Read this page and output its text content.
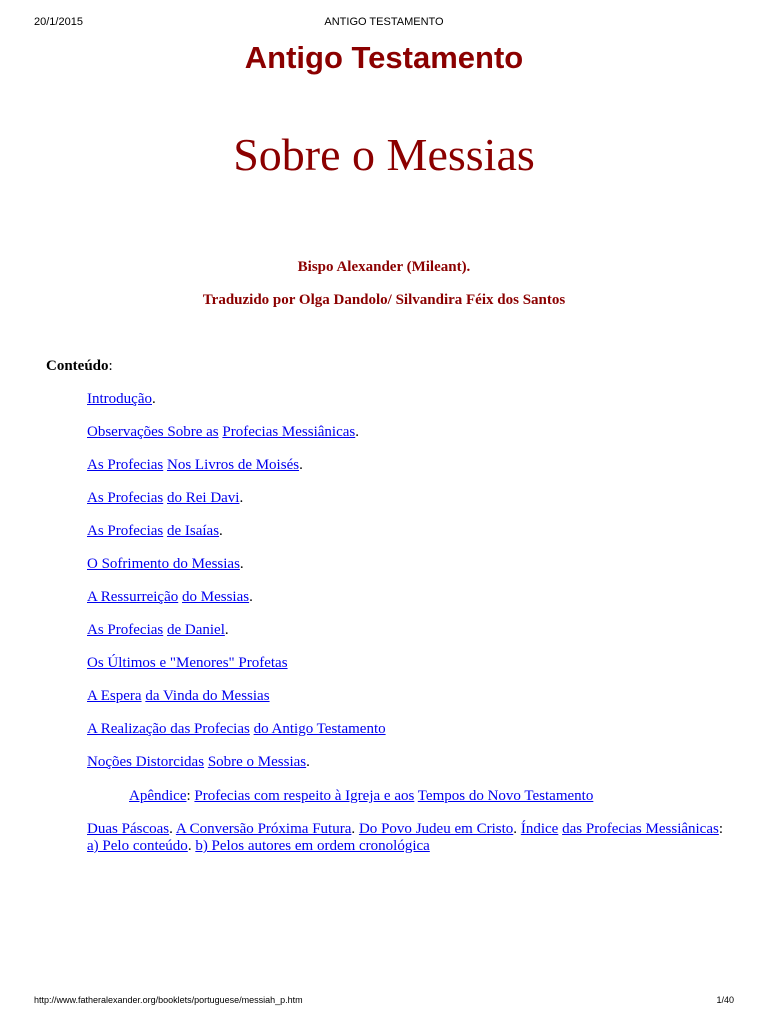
20/1/2015	ANTIGO TESTAMENTO
Antigo Testamento
Sobre o Messias
Bispo Alexander (Mileant).
Traduzido por Olga Dandolo/ Silvandira Féix dos Santos
Conteúdo:
Introdução.
Observações Sobre as Profecias Messiânicas.
As Profecias Nos Livros de Moisés.
As Profecias do Rei Davi.
As Profecias de Isaías.
O Sofrimento do Messias.
A Ressurreição do Messias.
As Profecias de Daniel.
Os Últimos e "Menores" Profetas
A Espera da Vinda do Messias
A Realização das Profecias do Antigo Testamento
Noções Distorcidas Sobre o Messias.
Apêndice: Profecias com respeito à Igreja e aos Tempos do Novo Testamento
Duas Páscoas. A Conversão Próxima Futura. Do Povo Judeu em Cristo. Índice das Profecias Messiânicas: a) Pelo conteúdo. b) Pelos autores em ordem cronológica
http://www.fatheralexander.org/booklets/portuguese/messiah_p.htm	1/40
